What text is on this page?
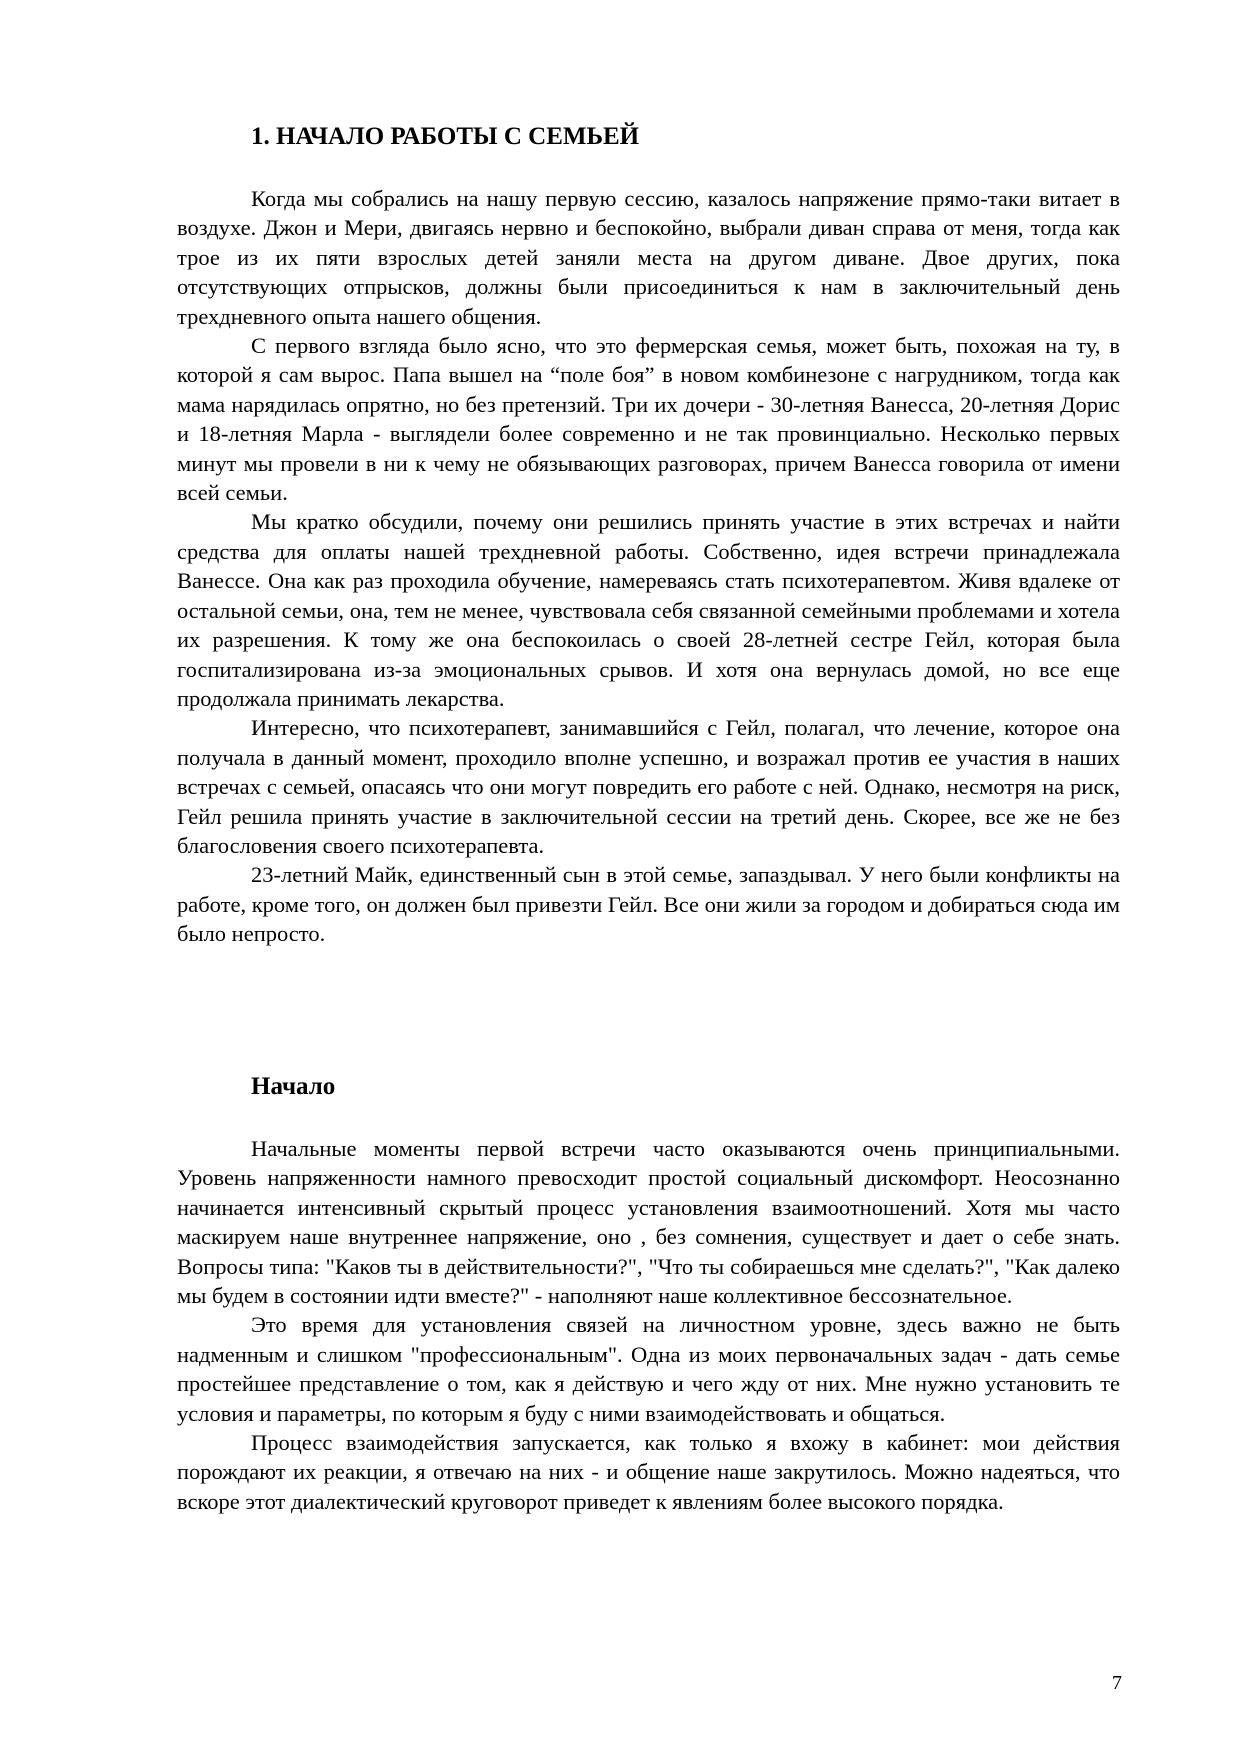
1. НАЧАЛО РАБОТЫ С СЕМЬЕЙ

Когда мы собрались на нашу первую сессию, казалось напряжение прямо-таки витает в воздухе. Джон и Мери, двигаясь нервно и беспокойно, выбрали диван справа от меня, тогда как трое из их пяти взрослых детей заняли места на другом диване. Двое других, пока отсутствующих отпрысков, должны были присоединиться к нам в заключительный день трехдневного опыта нашего общения.

С первого взгляда было ясно, что это фермерская семья, может быть, похожая на ту, в которой я сам вырос. Папа вышел на “поле боя” в новом комбинезоне с нагрудником, тогда как мама нарядилась опрятно, но без претензий. Три их дочери - 30-летняя Ванесса, 20-летняя Дорис и 18-летняя Марла - выглядели более современно и не так провинциально. Несколько первых минут мы провели в ни к чему не обязывающих разговорах, причем Ванесса говорила от имени всей семьи.

Мы кратко обсудили, почему они решились принять участие в этих встречах и найти средства для оплаты нашей трехдневной работы. Собственно, идея встречи принадлежала Ванессе. Она как раз проходила обучение, намереваясь стать психотерапевтом. Живя вдалеке от остальной семьи, она, тем не менее, чувствовала себя связанной семейными проблемами и хотела их разрешения. К тому же она беспокоилась о своей 28-летней сестре Гейл, которая была госпитализирована из-за эмоциональных срывов. И хотя она вернулась домой, но все еще продолжала принимать лекарства.

Интересно, что психотерапевт, занимавшийся с Гейл, полагал, что лечение, которое она получала в данный момент, проходило вполне успешно, и возражал против ее участия в наших встречах с семьей, опасаясь что они могут повредить его работе с ней. Однако, несмотря на риск, Гейл решила принять участие в заключительной сессии на третий день. Скорее, все же не без благословения своего психотерапевта.

23-летний Майк, единственный сын в этой семье, запаздывал. У него были конфликты на работе, кроме того, он должен был привезти Гейл. Все они жили за городом и добираться сюда им было непросто.

Начало

Начальные моменты первой встречи часто оказываются очень принципиальными. Уровень напряженности намного превосходит простой социальный дискомфорт. Неосознанно начинается интенсивный скрытый процесс установления взаимоотношений. Хотя мы часто маскируем наше внутреннее напряжение, оно , без сомнения, существует и дает о себе знать. Вопросы типа: "Каков ты в действительности?", "Что ты собираешься мне сделать?", "Как далеко мы будем в состоянии идти вместе?" - наполняют наше коллективное бессознательное.

Это время для установления связей на личностном уровне, здесь важно не быть надменным и слишком "профессиональным". Одна из моих первоначальных задач - дать семье простейшее представление о том, как я действую и чего жду от них. Мне нужно установить те условия и параметры, по которым я буду с ними взаимодействовать и общаться.

Процесс взаимодействия запускается, как только я вхожу в кабинет: мои действия порождают их реакции, я отвечаю на них - и общение наше закрутилось. Можно надеяться, что вскоре этот диалектический круговорот приведет к явлениям более высокого порядка.

7
